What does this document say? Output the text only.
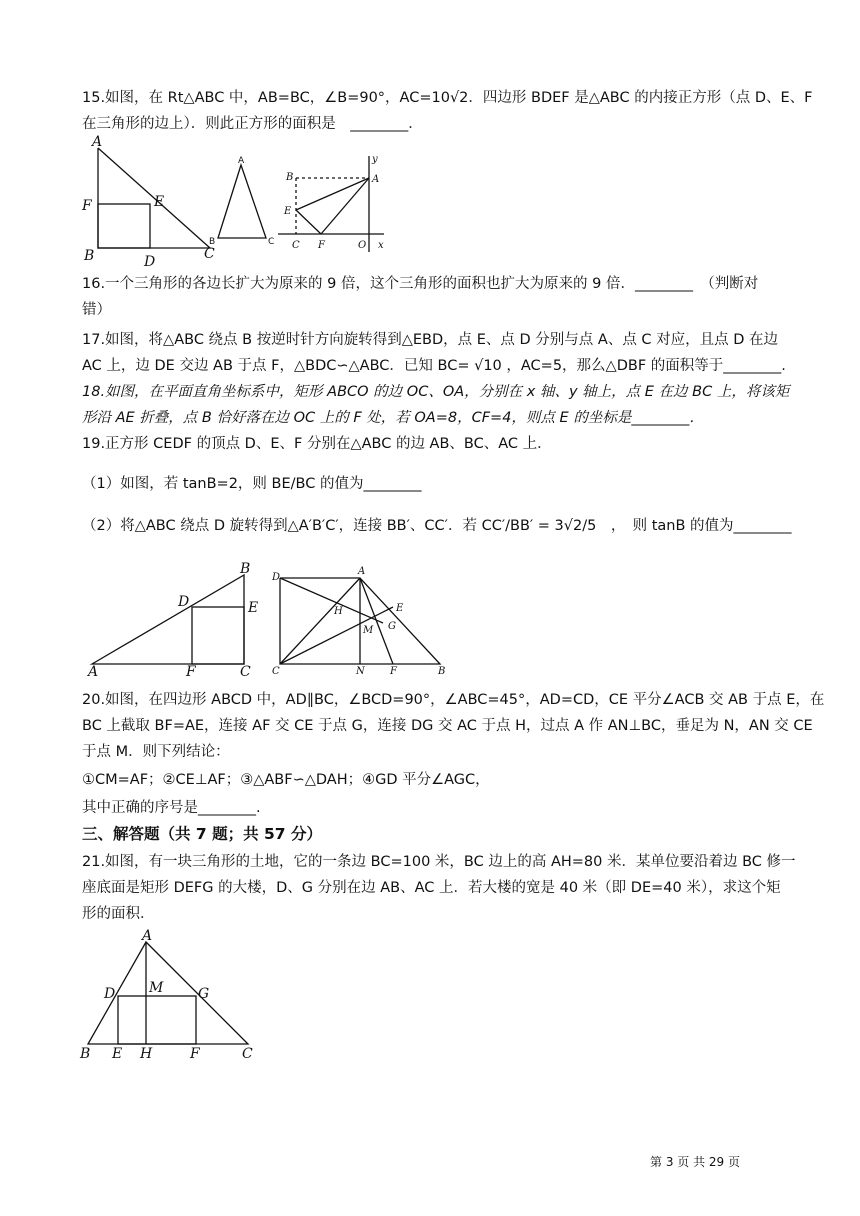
15.如图，在 Rt△ABC 中，AB=BC，∠B=90°，AC=10√2．四边形 BDEF 是△ABC 的内接正方形（点 D、E、F
在三角形的边上）．则此正方形的面积是　________．
A
B	C
D
E
F
A
B	C
B	A
E
C F	O x
y
16.一个三角形的各边长扩大为原来的 9 倍，这个三角形的面积也扩大为原来的 9 倍．________　（判断对
错）
17.如图，将△ABC 绕点 B 按逆时针方向旋转得到△EBD，点 E、点 D 分别与点 A、点 C 对应，且点 D 在边
AC 上，边 DE 交边 AB 于点 F，△BDC∽△ABC．已知 BC= √10 ，AC=5，那么△DBF 的面积等于________.
18.如图，在平面直角坐标系中，矩形 ABCO 的边 OC、OA，分别在 x 轴、y 轴上，点 E 在边 BC 上，将该矩
形沿 AE 折叠，点 B 恰好落在边 OC 上的 F 处，若 OA=8，CF=4，则点 E 的坐标是________．
19.正方形 CEDF 的顶点 D、E、F 分别在△ABC 的边 AB、BC、AC 上．
（1）如图，若 tanB=2，则 BE/BC 的值为________
（2）将△ABC 绕点 D 旋转得到△A′B′C′，连接 BB′、CC′．若 CC′/BB′ = 3√2/5　，　则 tanB 的值为________
B
D	E
A	F	C
D
A
H
M G
E
C	N	F	B
20.如图，在四边形 ABCD 中，AD∥BC，∠BCD=90°，∠ABC=45°，AD=CD，CE 平分∠ACB 交 AB 于点 E，在
BC 上截取 BF=AE，连接 AF 交 CE 于点 G，连接 DG 交 AC 于点 H，过点 A 作 AN⊥BC，垂足为 N，AN 交 CE
于点 M．则下列结论：
①CM=AF；②CE⊥AF；③△ABF∽△DAH；④GD 平分∠AGC，
其中正确的序号是________.
三、解答题（共 7 题；共 57 分）
21.如图，有一块三角形的土地，它的一条边 BC=100 米，BC 边上的高 AH=80 米．某单位要沿着边 BC 修一
座底面是矩形 DEFG 的大楼，D、G 分别在边 AB、AC 上．若大楼的宽是 40 米（即 DE=40 米），求这个矩
形的面积．
A
D M G
B E H	F	C
第 3 页 共 29 页
